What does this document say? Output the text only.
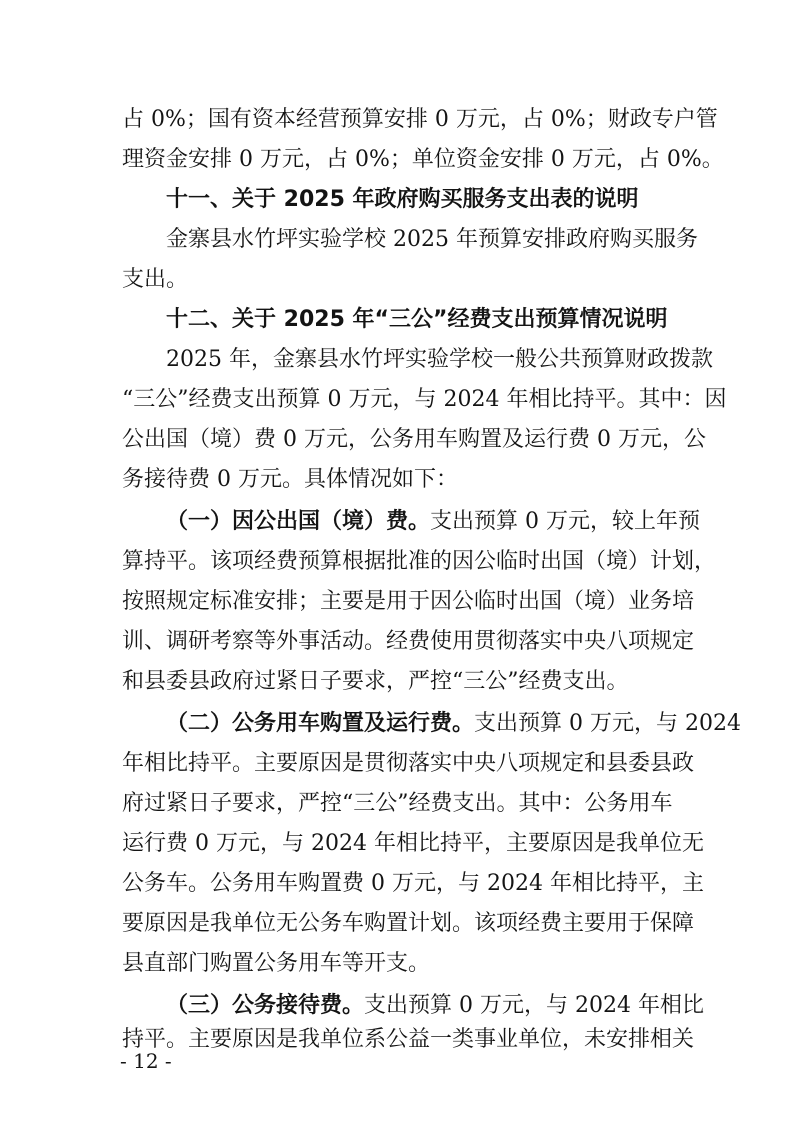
占 0%；国有资本经营预算安排 0 万元，占 0%；财政专户管
理资金安排 0 万元，占 0%；单位资金安排 0 万元，占 0%。
十一、关于 2025 年政府购买服务支出表的说明
金寨县水竹坪实验学校 2025 年预算安排政府购买服务
支出。
十二、关于 2025 年“三公”经费支出预算情况说明
2025 年，金寨县水竹坪实验学校一般公共预算财政拨款
“三公”经费支出预算 0 万元，与 2024 年相比持平。其中：因
公出国（境）费 0 万元，公务用车购置及运行费 0 万元，公
务接待费 0 万元。具体情况如下：
（一）因公出国（境）费。支出预算 0 万元，较上年预
算持平。该项经费预算根据批准的因公临时出国（境）计划，
按照规定标准安排；主要是用于因公临时出国（境）业务培
训、调研考察等外事活动。经费使用贯彻落实中央八项规定
和县委县政府过紧日子要求，严控“三公”经费支出。
（二）公务用车购置及运行费。支出预算 0 万元，与 2024
年相比持平。主要原因是贯彻落实中央八项规定和县委县政
府过紧日子要求，严控“三公”经费支出。其中：公务用车
运行费 0 万元，与 2024 年相比持平，主要原因是我单位无
公务车。公务用车购置费 0 万元，与 2024 年相比持平，主
要原因是我单位无公务车购置计划。该项经费主要用于保障
县直部门购置公务用车等开支。
（三）公务接待费。支出预算 0 万元，与 2024 年相比
持平。主要原因是我单位系公益一类事业单位，未安排相关
- 12 -
